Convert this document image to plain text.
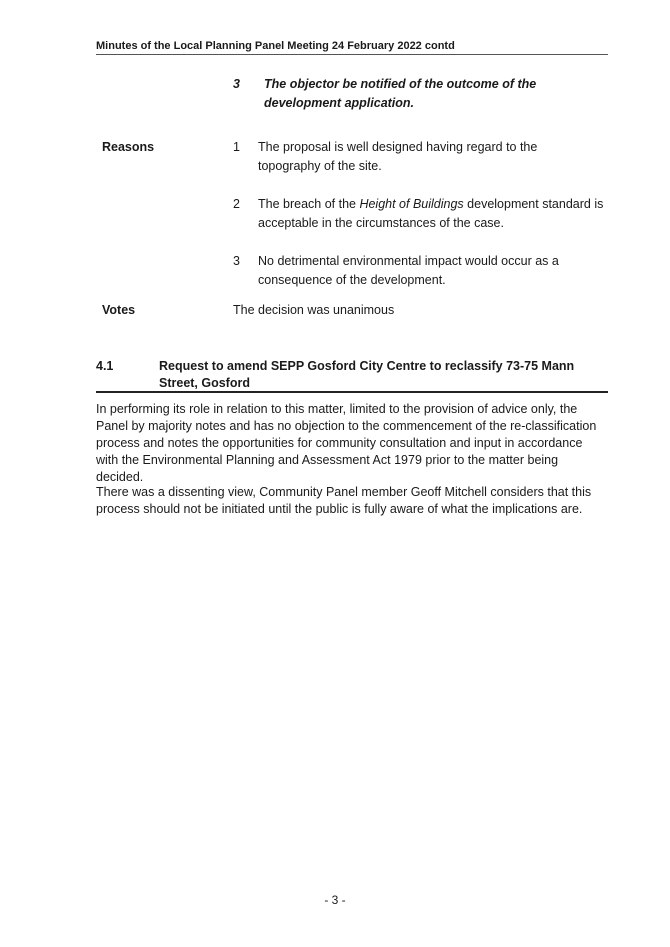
Minutes of the Local Planning Panel Meeting 24 February 2022 contd
3 The objector be notified of the outcome of the development application.
Reasons	1 The proposal is well designed having regard to the topography of the site.
2 The breach of the Height of Buildings development standard is acceptable in the circumstances of the case.
3 No detrimental environmental impact would occur as a consequence of the development.
Votes	The decision was unanimous
4.1	Request to amend SEPP Gosford City Centre to reclassify 73-75 Mann Street, Gosford
In performing its role in relation to this matter, limited to the provision of advice only, the Panel by majority notes and has no objection to the commencement of the re-classification process and notes the opportunities for community consultation and input in accordance with the Environmental Planning and Assessment Act 1979 prior to the matter being decided.
There was a dissenting view, Community Panel member Geoff Mitchell considers that this process should not be initiated until the public is fully aware of what the implications are.
- 3 -
